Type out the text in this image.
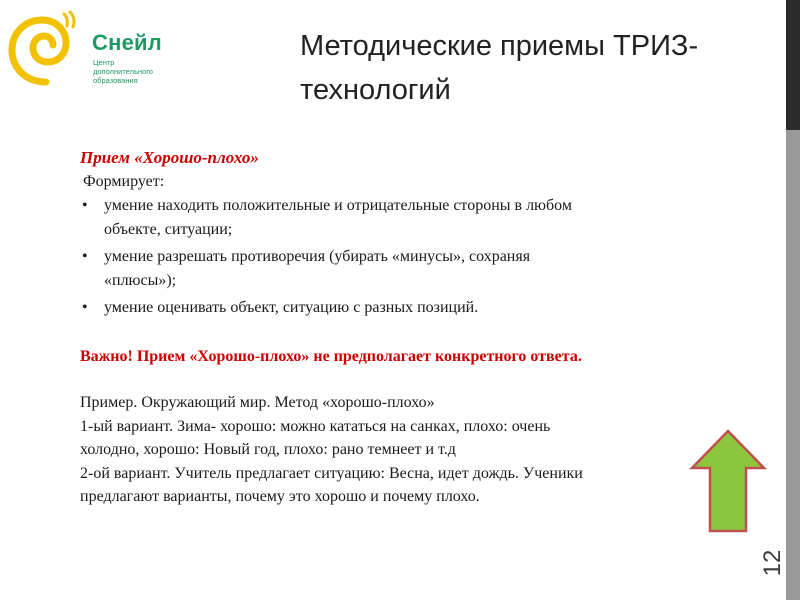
Снейл
Центр
дополнительного
образования
Методические приемы ТРИЗ-
технологий
12
Прием «Хорошо-плохо»
Формирует:
• умение находить положительные и отрицательные стороны в любом
объекте, ситуации;
• умение разрешать противоречия (убирать «минусы», сохраняя
«плюсы»);
• умение оценивать объект, ситуацию с разных позиций.
Важно! Прием «Хорошо-плохо» не предполагает конкретного ответа.
Пример. Окружающий мир. Метод «хорошо-плохо»
1-ый вариант. Зима- хорошо: можно кататься на санках, плохо: очень
холодно, хорошо: Новый год, плохо: рано темнеет и т.д
2-ой вариант. Учитель предлагает ситуацию: Весна, идет дождь. Ученики
предлагают варианты, почему это хорошо и почему плохо.
